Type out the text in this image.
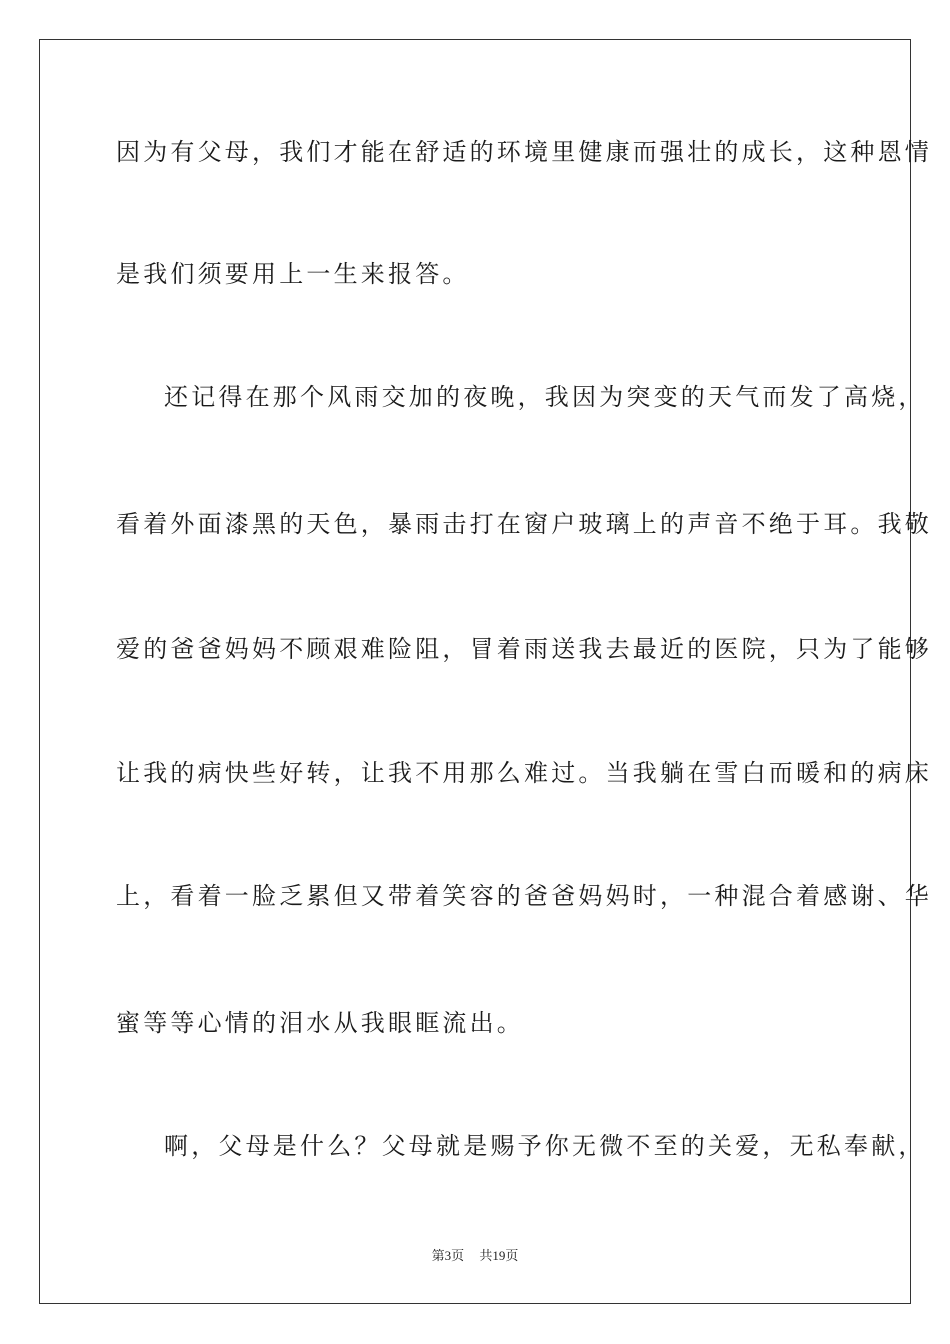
因为有父母，我们才能在舒适的环境里健康而强壮的成长，这种恩情
是我们须要用上一生来报答。
还记得在那个风雨交加的夜晚，我因为突变的天气而发了高烧，
看着外面漆黑的天色，暴雨击打在窗户玻璃上的声音不绝于耳。我敬
爱的爸爸妈妈不顾艰难险阻，冒着雨送我去最近的医院，只为了能够
让我的病快些好转，让我不用那么难过。当我躺在雪白而暖和的病床
上，看着一脸乏累但又带着笑容的爸爸妈妈时，一种混合着感谢、华
蜜等等心情的泪水从我眼眶流出。
啊，父母是什么？父母就是赐予你无微不至的关爱，无私奉献，
第3页 共19页
